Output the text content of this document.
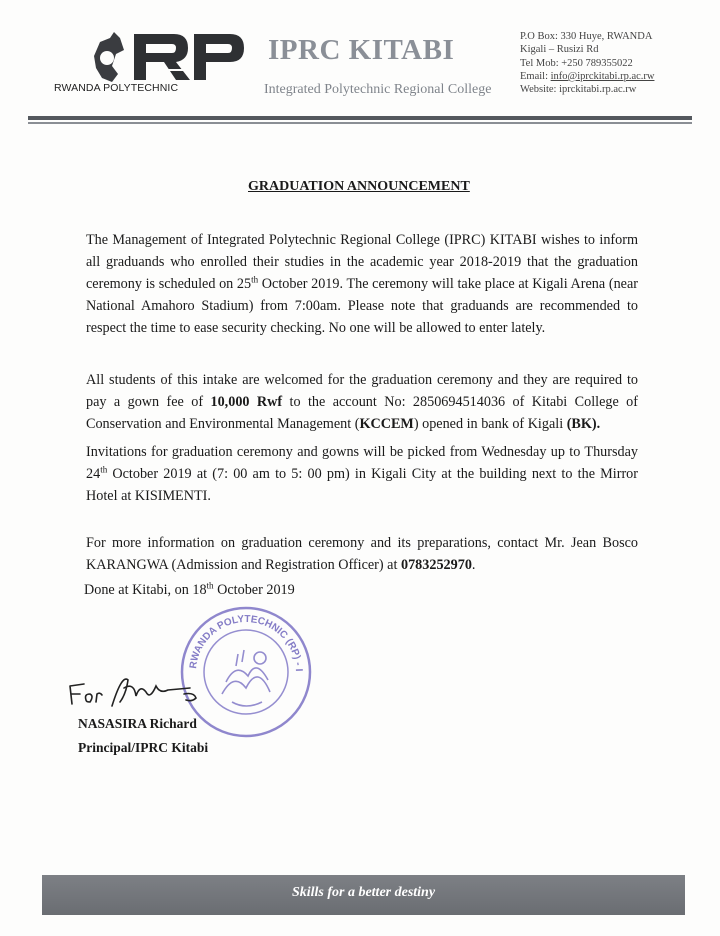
RWANDA POLYTECHNIC
IPRC KITABI
Integrated Polytechnic Regional College
P.O Box: 330 Huye, RWANDA
Kigali – Rusizi Rd
Tel Mob: +250 789355022
Email: info@iprckitabi.rp.ac.rw
Website: iprckitabi.rp.ac.rw
GRADUATION ANNOUNCEMENT
The Management of Integrated Polytechnic Regional College (IPRC) KITABI wishes to inform all graduands who enrolled their studies in the academic year 2018-2019 that the graduation ceremony is scheduled on 25th October 2019. The ceremony will take place at Kigali Arena (near National Amahoro Stadium) from 7:00am. Please note that graduands are recommended to respect the time to ease security checking. No one will be allowed to enter lately.
All students of this intake are welcomed for the graduation ceremony and they are required to pay a gown fee of 10,000 Rwf to the account No: 2850694514036 of Kitabi College of Conservation and Environmental Management (KCCEM) opened in bank of Kigali (BK).
Invitations for graduation ceremony and gowns will be picked from Wednesday up to Thursday 24th October 2019 at (7: 00 am to 5: 00 pm) in Kigali City at the building next to the Mirror Hotel at KISIMENTI.
For more information on graduation ceremony and its preparations, contact Mr. Jean Bosco KARANGWA (Admission and Registration Officer) at 0783252970.
Done at Kitabi, on 18th October 2019
RWANDA POLYTECHNIC (RP) - I
NASASIRA Richard
Principal/IPRC Kitabi
Skills for a better destiny
